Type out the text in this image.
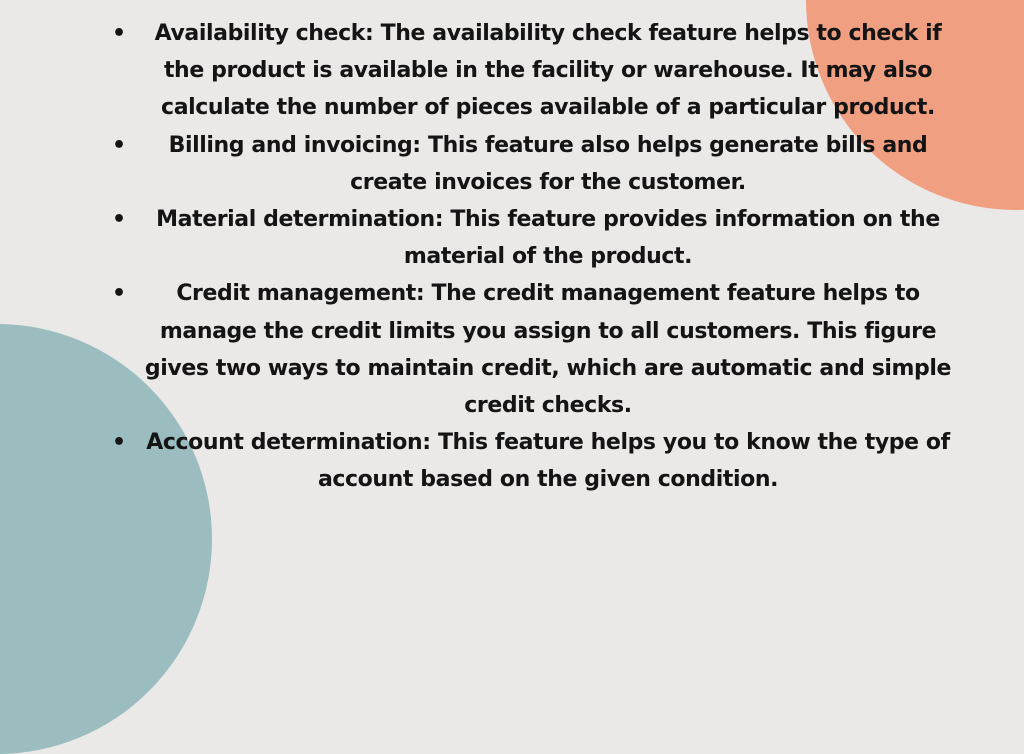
• Availability check: The availability check feature helps to check if the product is available in the facility or warehouse. It may also calculate the number of pieces available of a particular product.
• Billing and invoicing: This feature also helps generate bills and create invoices for the customer.
• Material determination: This feature provides information on the material of the product.
• Credit management: The credit management feature helps to manage the credit limits you assign to all customers. This figure gives two ways to maintain credit, which are automatic and simple credit checks.
• Account determination: This feature helps you to know the type of account based on the given condition.
